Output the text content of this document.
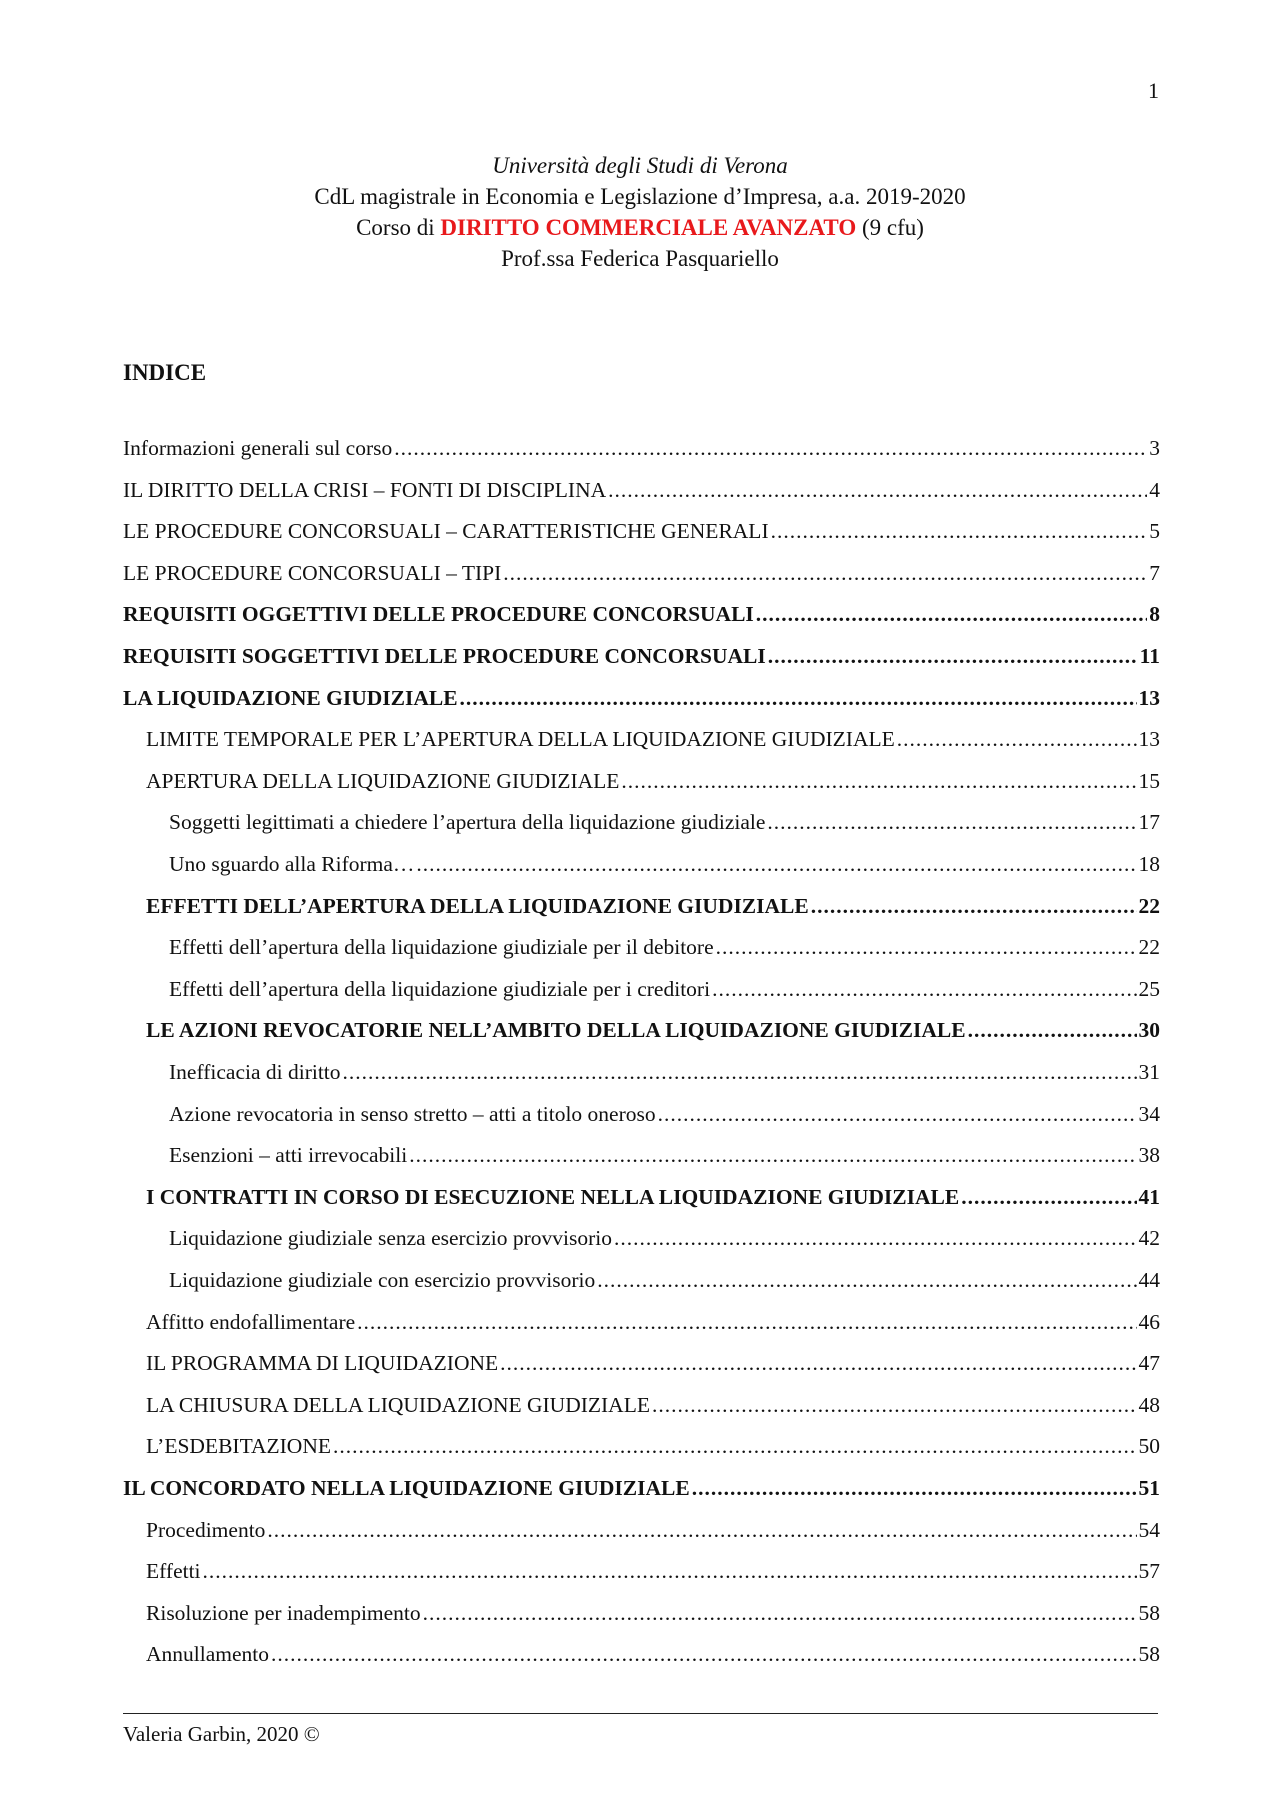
1
Università degli Studi di Verona
CdL magistrale in Economia e Legislazione d’Impresa, a.a. 2019-2020
Corso di DIRITTO COMMERCIALE AVANZATO (9 cfu)
Prof.ssa Federica Pasquariello
INDICE
Informazioni generali sul corso .....	3
IL DIRITTO DELLA CRISI – FONTI DI DISCIPLINA .....	4
LE PROCEDURE CONCORSUALI – CARATTERISTICHE GENERALI .....	5
LE PROCEDURE CONCORSUALI – TIPI .....	7
REQUISITI OGGETTIVI DELLE PROCEDURE CONCORSUALI .....	8
REQUISITI SOGGETTIVI DELLE PROCEDURE CONCORSUALI .....	11
LA LIQUIDAZIONE GIUDIZIALE .....	13
LIMITE TEMPORALE PER L’APERTURA DELLA LIQUIDAZIONE GIUDIZIALE .....	13
APERTURA DELLA LIQUIDAZIONE GIUDIZIALE .....	15
Soggetti legittimati a chiedere l’apertura della liquidazione giudiziale .....	17
Uno sguardo alla Riforma… .....	18
EFFETTI DELL’APERTURA DELLA LIQUIDAZIONE GIUDIZIALE .....	22
Effetti dell’apertura della liquidazione giudiziale per il debitore .....	22
Effetti dell’apertura della liquidazione giudiziale per i creditori .....	25
LE AZIONI REVOCATORIE NELL’AMBITO DELLA LIQUIDAZIONE GIUDIZIALE .....	30
Inefficacia di diritto .....	31
Azione revocatoria in senso stretto – atti a titolo oneroso .....	34
Esenzioni – atti irrevocabili .....	38
I CONTRATTI IN CORSO DI ESECUZIONE NELLA LIQUIDAZIONE GIUDIZIALE .....	41
Liquidazione giudiziale senza esercizio provvisorio .....	42
Liquidazione giudiziale con esercizio provvisorio .....	44
Affitto endofallimentare .....	46
IL PROGRAMMA DI LIQUIDAZIONE .....	47
LA CHIUSURA DELLA LIQUIDAZIONE GIUDIZIALE .....	48
L’ESDEBITAZIONE .....	50
IL CONCORDATO NELLA LIQUIDAZIONE GIUDIZIALE .....	51
Procedimento .....	54
Effetti .....	57
Risoluzione per inadempimento .....	58
Annullamento .....	58
Valeria Garbin, 2020 ©
